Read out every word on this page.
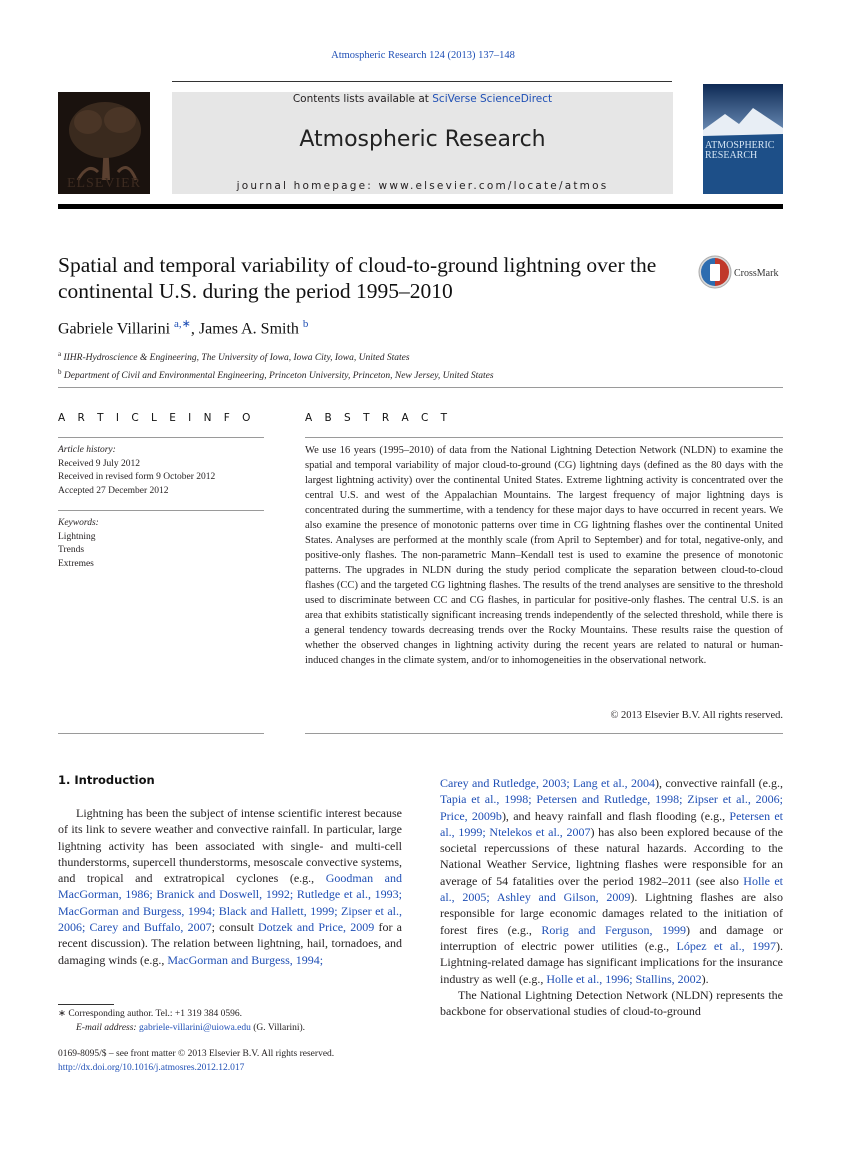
Atmospheric Research 124 (2013) 137–148
ELSEVIER
Contents lists available at SciVerse ScienceDirect
Atmospheric Research
journal homepage: www.elsevier.com/locate/atmos
ATMOSPHERIC RESEARCH
Spatial and temporal variability of cloud-to-ground lightning over the continental U.S. during the period 1995–2010
CrossMark
Gabriele Villarini $^{a,∗}$, James A. Smith $^b$
$^a$ IIHR-Hydroscience & Engineering, The University of Iowa, Iowa City, Iowa, United States
$^b$ Department of Civil and Environmental Engineering, Princeton University, Princeton, New Jersey, United States
A R T I C L E I N F O	A B S T R A C T
Article history:
Received 9 July 2012
Received in revised form 9 October 2012
Accepted 27 December 2012
Keywords:
Lightning
Trends
Extremes
We use 16 years (1995–2010) of data from the National Lightning Detection Network (NLDN) to examine the spatial and temporal variability of major cloud-to-ground (CG) lightning days (defined as the 80 days with the largest lightning activity) over the continental United States. Extreme lightning activity is concentrated over the central U.S. and west of the Appalachian Mountains. The largest frequency of major lightning days is concentrated during the summertime, with a tendency for these major days to have occurred in recent years. We also examine the presence of monotonic patterns over time in CG lightning flashes over the continental United States. Analyses are performed at the monthly scale (from April to September) and for total, negative-only, and positive-only flashes. The non-parametric Mann–Kendall test is used to examine the presence of monotonic patterns. The upgrades in NLDN during the study period complicate the separation between cloud-to-cloud flashes (CC) and the targeted CG lightning flashes. The results of the trend analyses are sensitive to the threshold used to discriminate between CC and CG flashes, in particular for positive-only flashes. The central U.S. is an area that exhibits statistically significant increasing trends independently of the selected threshold, while there is a general tendency towards decreasing trends over the Rocky Mountains. These results raise the question of whether the observed changes in lightning activity during the recent years are related to natural or human-induced changes in the climate system, and/or to inhomogeneities in the observational network.
© 2013 Elsevier B.V. All rights reserved.
1. Introduction
Lightning has been the subject of intense scientific interest because of its link to severe weather and convective rainfall. In particular, large lightning activity has been associated with single- and multi-cell thunderstorms, supercell thunderstorms, mesoscale convective systems, and tropical and extratropical cyclones (e.g., Goodman and MacGorman, 1986; Branick and Doswell, 1992; Rutledge et al., 1993; MacGorman and Burgess, 1994; Black and Hallett, 1999; Zipser et al., 2006; Carey and Buffalo, 2007; consult Dotzek and Price, 2009 for a recent discussion). The relation between lightning, hail, tornadoes, and damaging winds (e.g., MacGorman and Burgess, 1994;
Carey and Rutledge, 2003; Lang et al., 2004), convective rainfall (e.g., Tapia et al., 1998; Petersen and Rutledge, 1998; Zipser et al., 2006; Price, 2009b), and heavy rainfall and flash flooding (e.g., Petersen et al., 1999; Ntelekos et al., 2007) has also been explored because of the societal repercussions of these natural hazards. According to the National Weather Service, lightning flashes were responsible for an average of 54 fatalities over the period 1982–2011 (see also Holle et al., 2005; Ashley and Gilson, 2009). Lightning flashes are also responsible for large economic damages related to the initiation of forest fires (e.g., Rorig and Ferguson, 1999) and damage or interruption of electric power utilities (e.g., López et al., 1997). Lightning-related damage has significant implications for the insurance industry as well (e.g., Holle et al., 1996; Stallins, 2002).
The National Lightning Detection Network (NLDN) represents the backbone for observational studies of cloud-to-ground
∗ Corresponding author. Tel.: +1 319 384 0596.
E-mail address: gabriele-villarini@uiowa.edu (G. Villarini).
0169-8095/$ – see front matter © 2013 Elsevier B.V. All rights reserved.
http://dx.doi.org/10.1016/j.atmosres.2012.12.017
